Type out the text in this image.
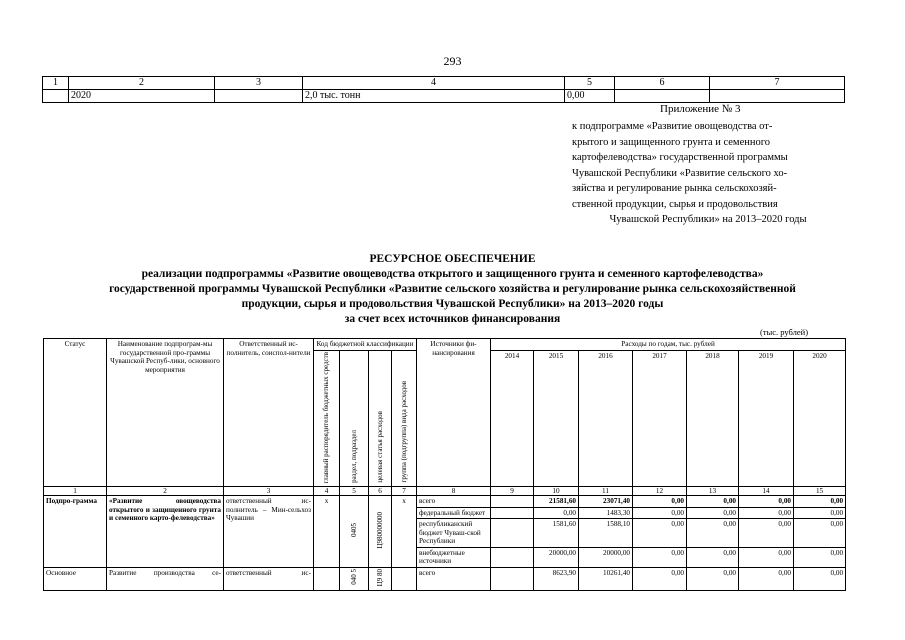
293
1	2	3	4	5	6	7
	2020		2,0 тыс. тонн	0,00		
Приложение № 3
к подпрограмме «Развитие овощеводства от-
крытого и защищенного грунта и семенного
картофелеводства» государственной программы
Чувашской Республики «Развитие сельского хо-
зяйства и регулирование рынка сельскохозяй-
ственной продукции, сырья и продовольствия
Чувашской Республики» на 2013–2020 годы
РЕСУРСНОЕ ОБЕСПЕЧЕНИЕ
реализации подпрограммы «Развитие овощеводства открытого и защищенного грунта и семенного картофелеводства»
государственной программы Чувашской Республики «Развитие сельского хозяйства и регулирование рынка сельскохозяйственной
продукции, сырья и продовольствия Чувашской Республики» на 2013–2020 годы
за счет всех источников финансирования
(тыс. рублей)
Статус	Наименование подпрограм-мы государственной про-граммы Чувашской Респуб-лики, основного мероприятия	Ответственный ис-полнитель, соиспол-нители	Код бюджетной классификации				Источники фи-нансирования	Расходы по годам, тыс. рублей						
			главный распорядитель бюджетных средств	раздел, подраздел	целевая статья расходов	группа (подгруппа) вида расходов		2014	2015	2016	2017	2018	2019	2020
1	2	3	4	5	6	7	8	9	10	11	12	13	14	15
Подпро-грамма	«Развитие овощеводства открытого и защищенного грунта и семенного карто-фелеводства»	ответственный ис-полнитель – Мин-сельхоз Чувашии	x	0405	Ц980000000	x	всего		21581,60	23071,40	0,00	0,00	0,00	0,00
							федеральный бюджет		0,00	1483,30	0,00	0,00	0,00	0,00
							республиканский бюджет Чуваш-ской Республики		1581,60	1588,10	0,00	0,00	0,00	0,00
							внебюджетные источники		20000,00	20000,00	0,00	0,00	0,00	0,00
Основное	Развитие производства се-	ответственный ис-		040 5	Ц9 80		всего		8623,90	10261,40	0,00	0,00	0,00	0,00
